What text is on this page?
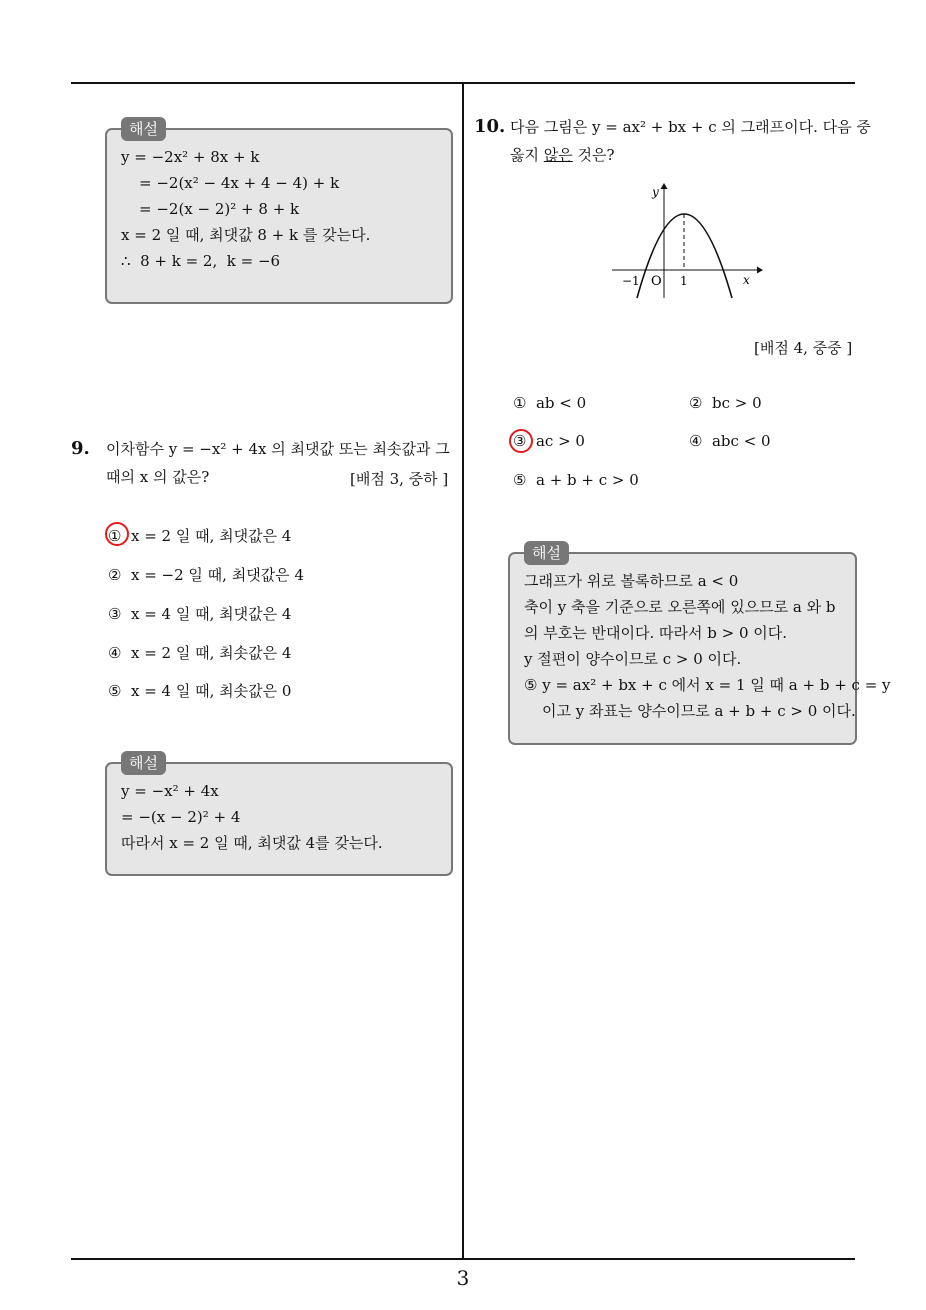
3
해설
y = −2x² + 8x + k
= −2(x² − 4x + 4 − 4) + k
= −2(x − 2)² + 8 + k
x = 2 일 때, 최댓값 8 + k 를 갖는다.
∴  8 + k = 2,  k = −6
9. 이차함수 y = −x² + 4x 의 최댓값 또는 최솟값과 그
때의 x 의 값은?	[배점 3, 중하 ]
①  x = 2 일 때, 최댓값은 4
②  x = −2 일 때, 최댓값은 4
③  x = 4 일 때, 최댓값은 4
④  x = 2 일 때, 최솟값은 4
⑤  x = 4 일 때, 최솟값은 0
해설
y = −x² + 4x
= −(x − 2)² + 4
따라서 x = 2 일 때, 최댓값 4를 갖는다.
10. 다음 그림은 y = ax² + bx + c 의 그래프이다. 다음 중
옳지 않은 것은?
y
x
O
−1	1
[배점 4, 중중 ]
①  ab < 0	②  bc > 0
③  ac > 0	④  abc < 0
⑤  a + b + c > 0
해설
그래프가 위로 볼록하므로 a < 0
축이 y 축을 기준으로 오른쪽에 있으므로 a 와 b
의 부호는 반대이다. 따라서 b > 0 이다.
y 절편이 양수이므로 c > 0 이다.
⑤ y = ax² + bx + c 에서 x = 1 일 때 a + b + c = y
이고 y 좌표는 양수이므로 a + b + c > 0 이다.
